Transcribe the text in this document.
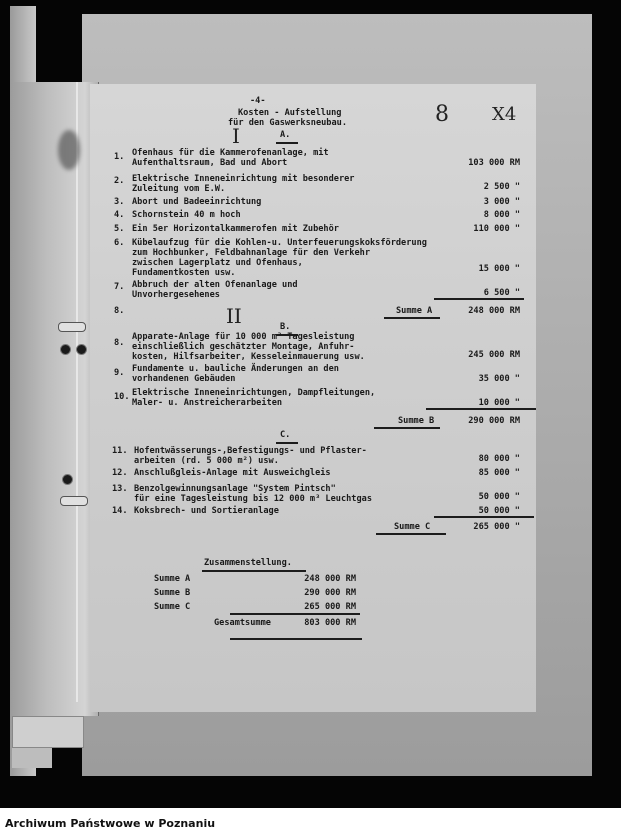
-4-
Kosten - Aufstellung
für den Gaswerksneubau.	8 X4
I
II
A.
1. Ofenhaus für die Kammerofenanlage, mit
Aufenthaltsraum, Bad und Abort	103 000 RM
2. Elektrische Inneneinrichtung mit besonderer
Zuleitung vom E.W.	2 500 "
3. Abort und Badeeinrichtung	3 000 "
4. Schornstein 40 m hoch	8 000 "
5. Ein 5er Horizontalkammerofen mit Zubehör	110 000 "
6. Kübelaufzug für die Kohlen-u. Unterfeuerungskoksförderung
zum Hochbunker, Feldbahnanlage für den Verkehr
zwischen Lagerplatz und Ofenhaus,
Fundamentkosten usw.	15 000 "
7. Abbruch der alten Ofenanlage und
Unvorhergesehenes	6 500 "
8.	Summe A	248 000 RM
B.
8.
Apparate-Anlage für 10 000 m³ Tagesleistung
einschließlich geschätzter Montage, Anfuhr-
kosten, Hilfsarbeiter, Kesseleinmauerung usw.	245 000 RM
9. Fundamente u. bauliche Änderungen an den
vorhandenen Gebäuden	35 000 "
10. Elektrische Inneneinrichtungen, Dampfleitungen,
Maler- u. Anstreicherarbeiten	10 000 "
Summe B	290 000 RM
C.
11. Hofentwässerungs-,Befestigungs- und Pflaster-
arbeiten (rd. 5 000 m²) usw.	80 000 "
12. Anschlußgleis-Anlage mit Ausweichgleis	85 000 "
13. Benzolgewinnungsanlage "System Pintsch"
für eine Tagesleistung bis 12 000 m³ Leuchtgas	50 000 "
14. Koksbrech- und Sortieranlage	50 000 "
Summe C	265 000 "
Zusammenstellung.
Summe A	248 000 RM
Summe B	290 000 RM
Summe C	265 000 RM
Gesamtsumme	803 000 RM
Archiwum Państwowe w Poznaniu
